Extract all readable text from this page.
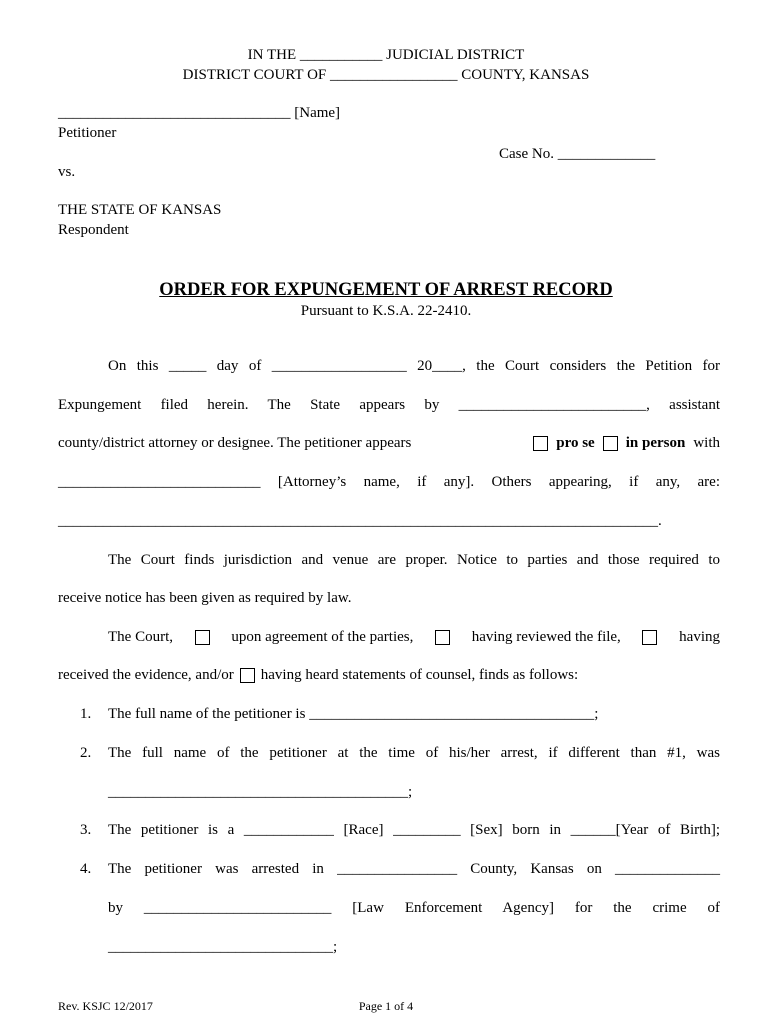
IN THE ___________ JUDICIAL DISTRICT
DISTRICT COURT OF _________________ COUNTY, KANSAS
_______________________________ [Name]
Petitioner
Case No. _____________
vs.
THE STATE OF KANSAS
Respondent
ORDER FOR EXPUNGEMENT OF ARREST RECORD
Pursuant to K.S.A. 22-2410.
On this _____ day of __________________ 20____, the Court considers the Petition for
Expungement filed herein. The State appears by _________________________, assistant
county/district attorney or designee. The petitioner appears	pro se in person with
___________________________ [Attorney’s name, if any]. Others appearing, if any, are:
________________________________________________________________________________.
The Court finds jurisdiction and venue are proper. Notice to parties and those required to
receive notice has been given as required by law.
The Court,	upon agreement of the parties,	having reviewed the file,	having
received the evidence, and/or having heard statements of counsel, finds as follows:
1. The full name of the petitioner is ______________________________________;
2. The full name of the petitioner at the time of his/her arrest, if different than #1, was
________________________________________;
3. The petitioner is a ____________ [Race] _________ [Sex] born in ______[Year of Birth];
4. The petitioner was arrested in ________________ County, Kansas on ______________
by _________________________ [Law Enforcement Agency] for the crime of
______________________________;
Rev. KSJC 12/2017	Page 1 of 4
